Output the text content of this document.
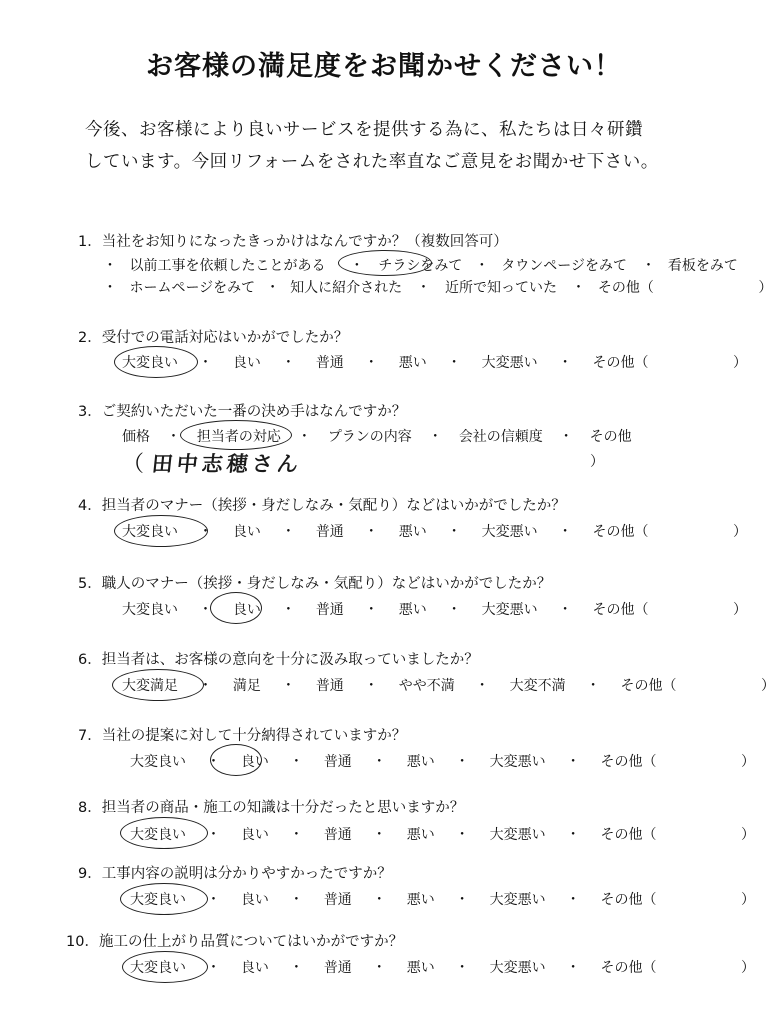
お客様の満足度をお聞かせください！
今後、お客様により良いサービスを提供する為に、私たちは日々研鑽
しています。今回リフォームをされた率直なご意見をお聞かせ下さい。
1．当社をお知りになったきっかけはなんですか？（複数回答可）
・ 以前工事を依頼したことがある ・ チラシをみて ・ タウンページをみて ・ 看板をみて
・ ホームページをみて ・ 知人に紹介された ・ 近所で知っていた ・ その他（	）
2．受付での電話対応はいかがでしたか？
大変良い ・ 良い ・ 普通 ・ 悪い ・ 大変悪い ・ その他（	）
3．ご契約いただいた一番の決め手はなんですか？
価格 ・ 担当者の対応 ・ プランの内容 ・ 会社の信頼度 ・ その他
（ 田中志穂さん	）
4．担当者のマナー（挨拶・身だしなみ・気配り）などはいかがでしたか？
大変良い ・ 良い ・ 普通 ・ 悪い ・ 大変悪い ・ その他（	）
5．職人のマナー（挨拶・身だしなみ・気配り）などはいかがでしたか？
大変良い ・ 良い ・ 普通 ・ 悪い ・ 大変悪い ・ その他（	）
6．担当者は、お客様の意向を十分に汲み取っていましたか？
大変満足 ・ 満足 ・ 普通 ・ やや不満 ・ 大変不満 ・ その他（	）
7．当社の提案に対して十分納得されていますか？
大変良い ・ 良い ・ 普通 ・ 悪い ・ 大変悪い ・ その他（	）
8．担当者の商品・施工の知識は十分だったと思いますか？
大変良い ・ 良い ・ 普通 ・ 悪い ・ 大変悪い ・ その他（	）
9．工事内容の説明は分かりやすかったですか？
大変良い ・ 良い ・ 普通 ・ 悪い ・ 大変悪い ・ その他（	）
10．施工の仕上がり品質についてはいかがですか？
大変良い ・ 良い ・ 普通 ・ 悪い ・ 大変悪い ・ その他（	）
